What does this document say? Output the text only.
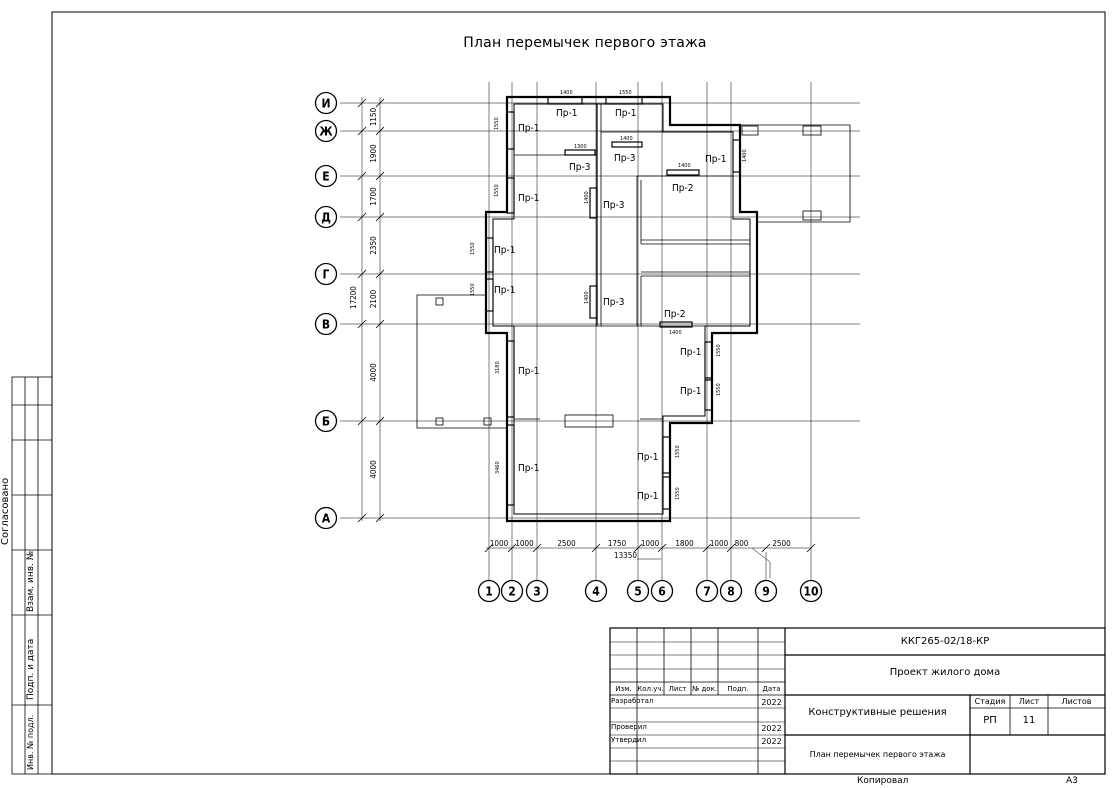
План перемычек первого этажа
И
Ж
Е
Д
Г
В
Б
А
1 2 3	4	5 6	7 8 9	10
1150
1900
1700
2350
2100
4000
4000
1000 1000	2500	1750 1000 1800 1000 800	2500
17200
13350
Пр-1	Пр-1
Пр-1
Пр-3
Пр-3	Пр-1
Пр-2
Пр-1
Пр-3
Пр-1
Пр-1
Пр-3
Пр-2
Пр-1
Пр-1
Пр-1
Пр-1
Пр-1
Пр-1
1400	1550
1300
1400
1400
1400
1550
1550
1550
1550
1400
1400
1400
3180
3460
1550
1550
1550
1550
ККГ265-02/18-КР
Проект жилого дома
Конструктивные решения
План перемычек первого этажа
Стадия	Лист	Листов
РП	11
Изм. Кол.уч. Лист № док.	Подп.	Дата
Разработал
Проверил
Утвердил
2022
2022
2022
Копировал	А3
Согласовано
Взам. инв. №
Подп. и дата
Инв. № подл.
